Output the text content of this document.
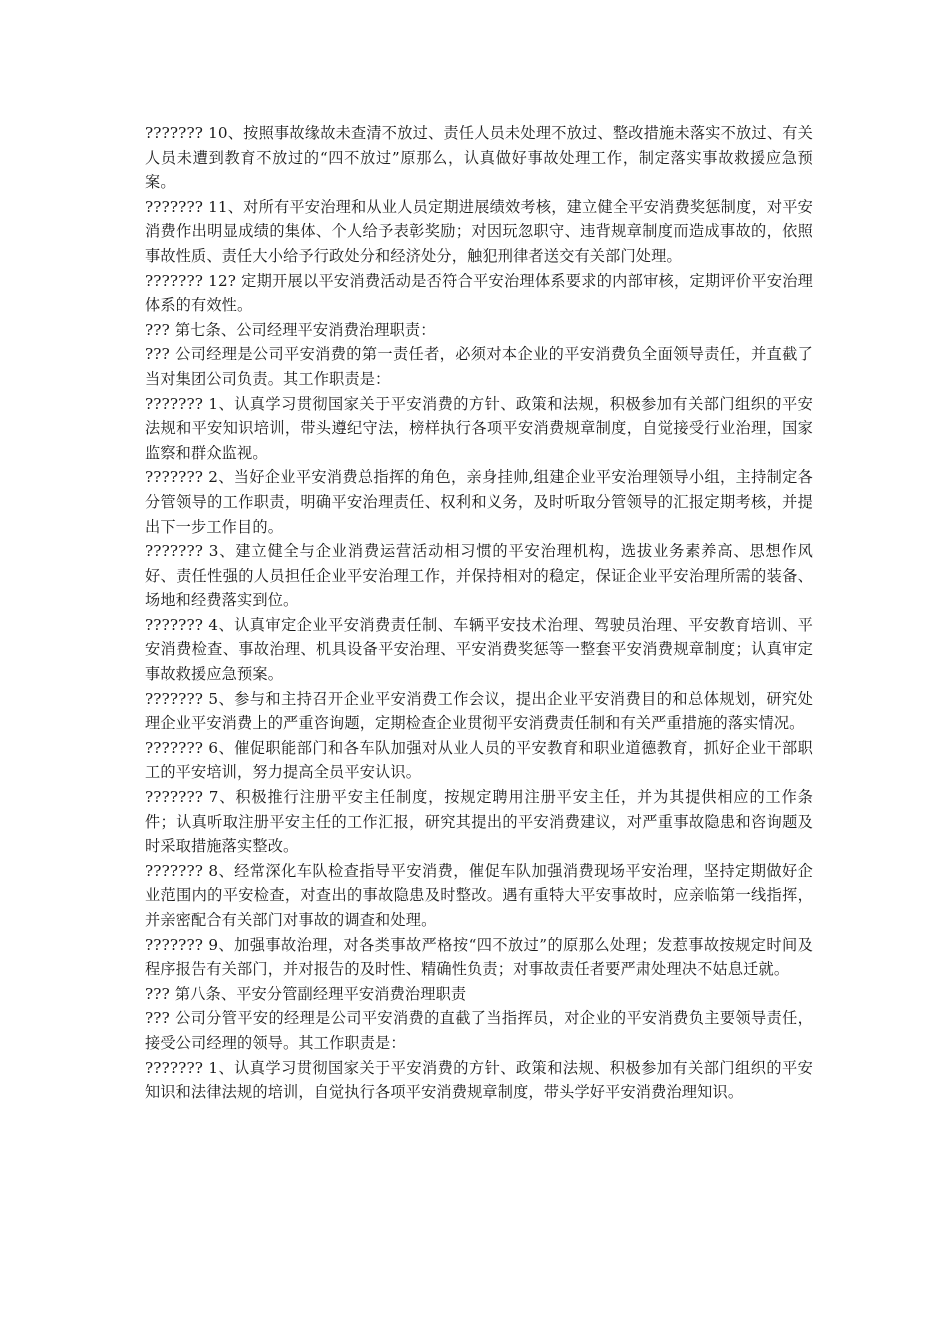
??????? 10、按照事故缘故未查清不放过、责任人员未处理不放过、整改措施未落实不放过、有关人员未遭到教育不放过的“四不放过”原那么，认真做好事故处理工作，制定落实事故救援应急预案。

??????? 11、对所有平安治理和从业人员定期进展绩效考核，建立健全平安消费奖惩制度，对平安消费作出明显成绩的集体、个人给予表彰奖励；对因玩忽职守、违背规章制度而造成事故的，依照事故性质、责任大小给予行政处分和经济处分，触犯刑律者送交有关部门处理。

??????? 12? 定期开展以平安消费活动是否符合平安治理体系要求的内部审核，定期评价平安治理体系的有效性。

??? 第七条、公司经理平安消费治理职责：

??? 公司经理是公司平安消费的第一责任者，必须对本企业的平安消费负全面领导责任，并直截了当对集团公司负责。其工作职责是：

??????? 1、认真学习贯彻国家关于平安消费的方针、政策和法规，积极参加有关部门组织的平安法规和平安知识培训，带头遵纪守法，榜样执行各项平安消费规章制度，自觉接受行业治理，国家监察和群众监视。

??????? 2、当好企业平安消费总指挥的角色，亲身挂帅,组建企业平安治理领导小组，主持制定各分管领导的工作职责，明确平安治理责任、权利和义务，及时听取分管领导的汇报定期考核，并提出下一步工作目的。

??????? 3、建立健全与企业消费运营活动相习惯的平安治理机构，选拔业务素养高、思想作风好、责任性强的人员担任企业平安治理工作，并保持相对的稳定，保证企业平安治理所需的装备、场地和经费落实到位。

??????? 4、认真审定企业平安消费责任制、车辆平安技术治理、驾驶员治理、平安教育培训、平安消费检查、事故治理、机具设备平安治理、平安消费奖惩等一整套平安消费规章制度；认真审定事故救援应急预案。

??????? 5、参与和主持召开企业平安消费工作会议，提出企业平安消费目的和总体规划，研究处理企业平安消费上的严重咨询题，定期检查企业贯彻平安消费责任制和有关严重措施的落实情况。

??????? 6、催促职能部门和各车队加强对从业人员的平安教育和职业道德教育，抓好企业干部职工的平安培训，努力提高全员平安认识。

??????? 7、积极推行注册平安主任制度，按规定聘用注册平安主任，并为其提供相应的工作条件；认真听取注册平安主任的工作汇报，研究其提出的平安消费建议，对严重事故隐患和咨询题及时采取措施落实整改。

??????? 8、经常深化车队检查指导平安消费，催促车队加强消费现场平安治理，坚持定期做好企业范围内的平安检查，对查出的事故隐患及时整改。遇有重特大平安事故时，应亲临第一线指挥，并亲密配合有关部门对事故的调查和处理。

??????? 9、加强事故治理，对各类事故严格按“四不放过”的原那么处理；发惹事故按规定时间及程序报告有关部门，并对报告的及时性、精确性负责；对事故责任者要严肃处理决不姑息迁就。

??? 第八条、平安分管副经理平安消费治理职责

??? 公司分管平安的经理是公司平安消费的直截了当指挥员，对企业的平安消费负主要领导责任，接受公司经理的领导。其工作职责是：

??????? 1、认真学习贯彻国家关于平安消费的方针、政策和法规、积极参加有关部门组织的平安知识和法律法规的培训，自觉执行各项平安消费规章制度，带头学好平安消费治理知识。
